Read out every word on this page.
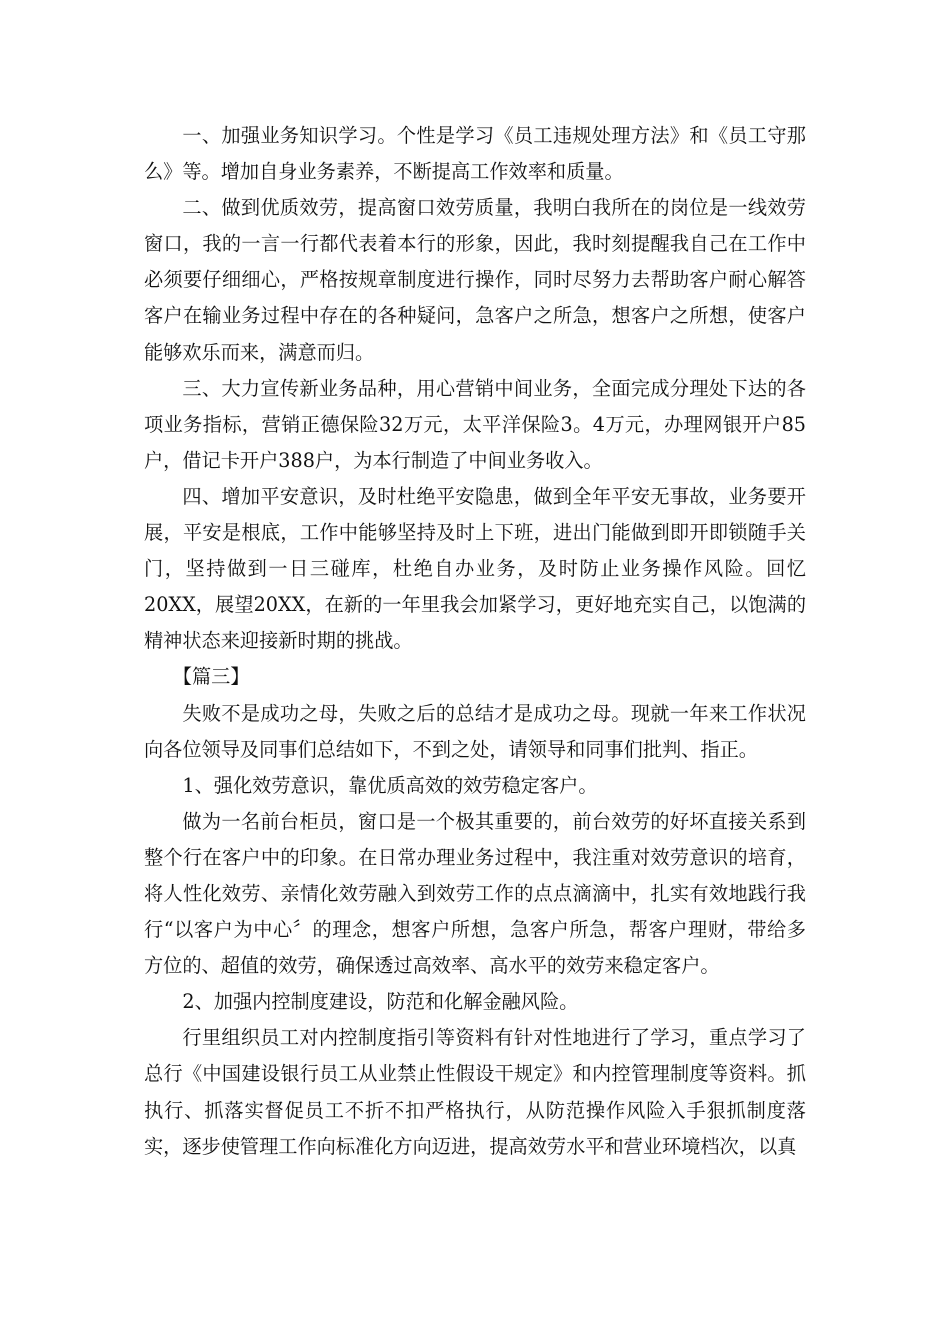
一、加强业务知识学习。个性是学习《员工违规处理方法》和《员工守那么》等。增加自身业务素养，不断提高工作效率和质量。

二、做到优质效劳，提高窗口效劳质量，我明白我所在的岗位是一线效劳窗口，我的一言一行都代表着本行的形象，因此，我时刻提醒我自己在工作中必须要仔细细心，严格按规章制度进行操作，同时尽努力去帮助客户耐心解答客户在输业务过程中存在的各种疑问，急客户之所急，想客户之所想，使客户能够欢乐而来，满意而归。

三、大力宣传新业务品种，用心营销中间业务，全面完成分理处下达的各项业务指标，营销正德保险32万元，太平洋保险3。4万元，办理网银开户85户，借记卡开户388户，为本行制造了中间业务收入。

四、增加平安意识，及时杜绝平安隐患，做到全年平安无事故，业务要开展，平安是根底，工作中能够坚持及时上下班，进出门能做到即开即锁随手关门，坚持做到一日三碰库，杜绝自办业务，及时防止业务操作风险。回忆20XX，展望20XX，在新的一年里我会加紧学习，更好地充实自己，以饱满的精神状态来迎接新时期的挑战。

【篇三】

失败不是成功之母，失败之后的总结才是成功之母。现就一年来工作状况向各位领导及同事们总结如下，不到之处，请领导和同事们批判、指正。

1、强化效劳意识，靠优质高效的效劳稳定客户。

做为一名前台柜员，窗口是一个极其重要的，前台效劳的好坏直接关系到整个行在客户中的印象。在日常办理业务过程中，我注重对效劳意识的培育，将人性化效劳、亲情化效劳融入到效劳工作的点点滴滴中，扎实有效地践行我行“以客户为中心〞的理念，想客户所想，急客户所急，帮客户理财，带给多方位的、超值的效劳，确保透过高效率、高水平的效劳来稳定客户。

2、加强内控制度建设，防范和化解金融风险。

行里组织员工对内控制度指引等资料有针对性地进行了学习，重点学习了总行《中国建设银行员工从业禁止性假设干规定》和内控管理制度等资料。抓执行、抓落实督促员工不折不扣严格执行，从防范操作风险入手狠抓制度落实，逐步使管理工作向标准化方向迈进，提高效劳水平和营业环境档次，以真
